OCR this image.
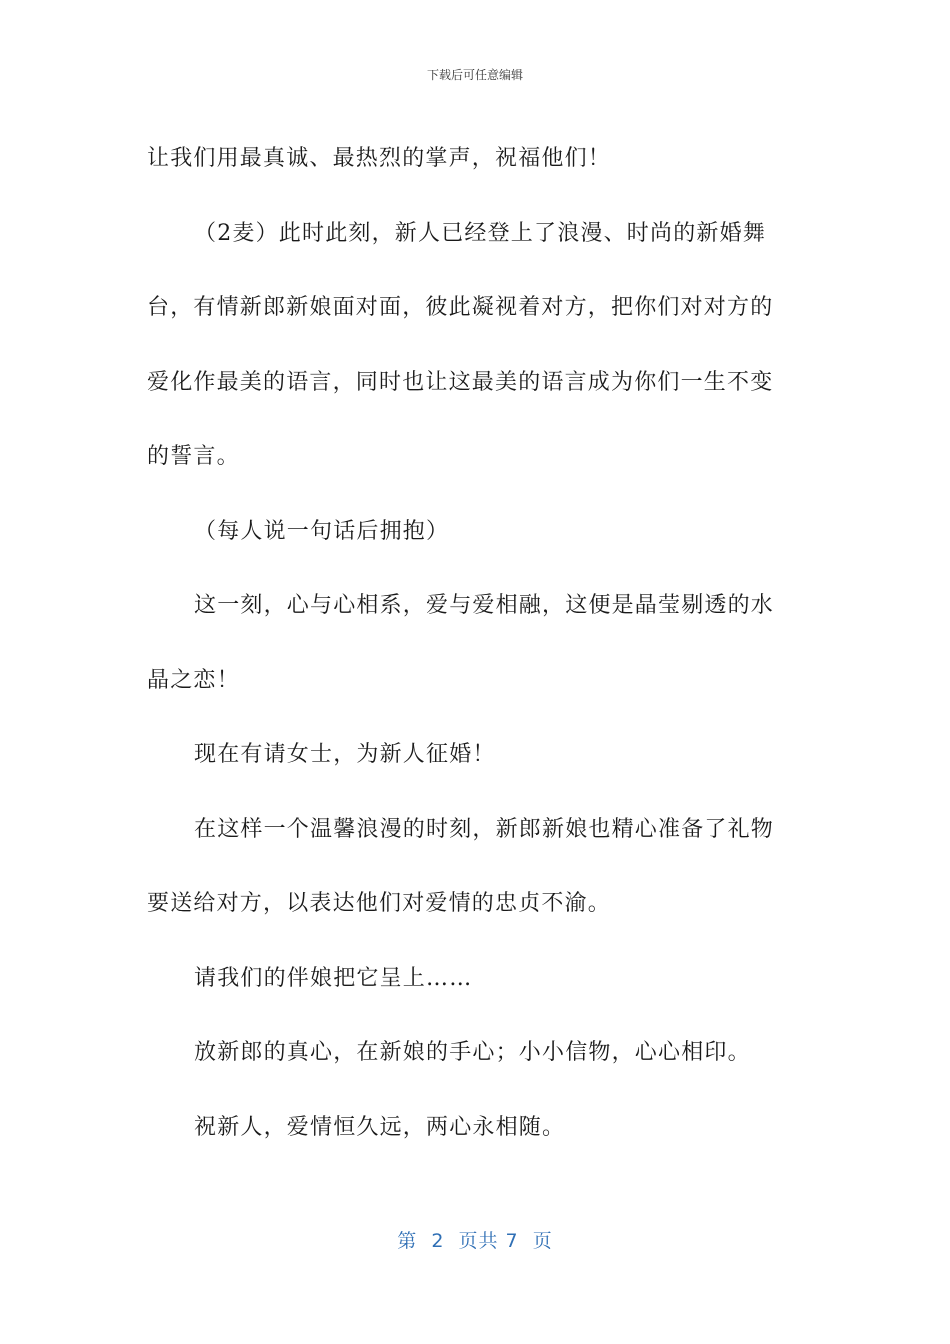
下载后可任意编辑

让我们用最真诚、最热烈的掌声，祝福他们！

（2麦）此时此刻，新人已经登上了浪漫、时尚的新婚舞

台，有情新郎新娘面对面，彼此凝视着对方，把你们对对方的

爱化作最美的语言，同时也让这最美的语言成为你们一生不变

的誓言。

（每人说一句话后拥抱）

这一刻，心与心相系，爱与爱相融，这便是晶莹剔透的水

晶之恋！

现在有请女士，为新人征婚！

在这样一个温馨浪漫的时刻，新郎新娘也精心准备了礼物

要送给对方，以表达他们对爱情的忠贞不渝。

请我们的伴娘把它呈上……

放新郎的真心，在新娘的手心；小小信物，心心相印。

祝新人，爱情恒久远，两心永相随。

第  2  页共 7  页
